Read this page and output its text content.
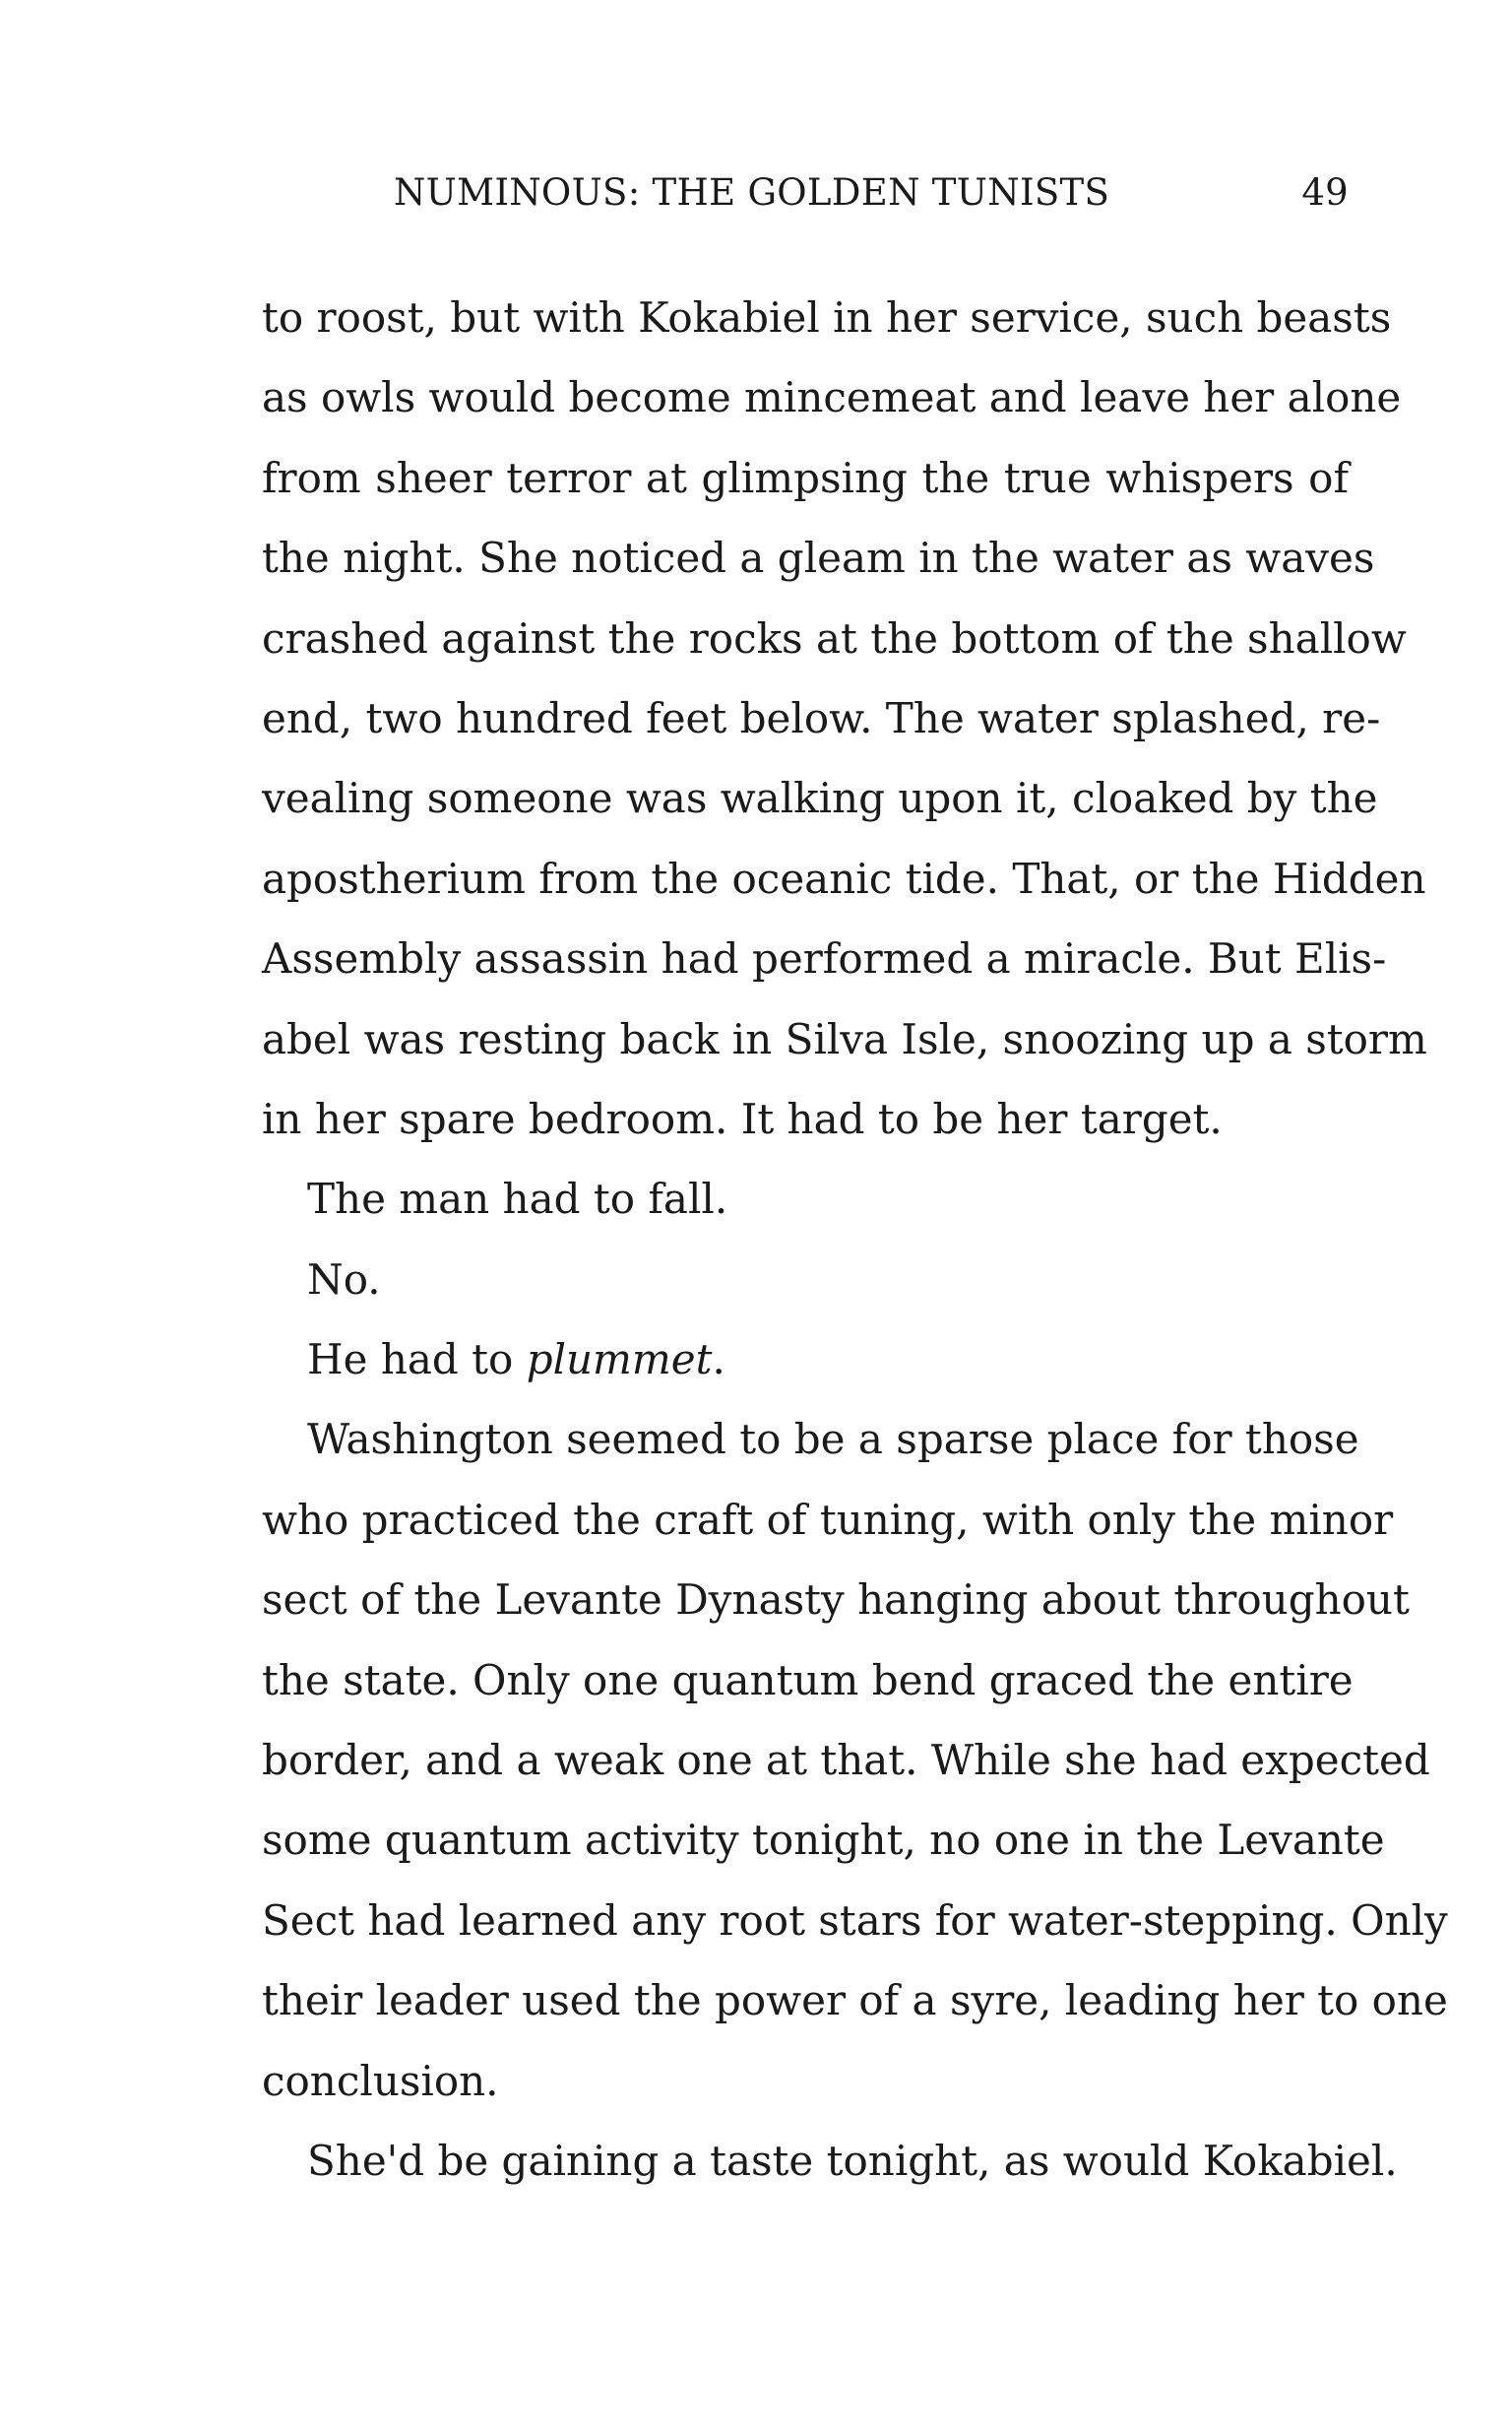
NUMINOUS: THE GOLDEN TUNISTS	49
to roost, but with Kokabiel in her service, such beasts
as owls would become mincemeat and leave her alone
from sheer terror at glimpsing the true whispers of
the night. She noticed a gleam in the water as waves
crashed against the rocks at the bottom of the shallow
end, two hundred feet below. The water splashed, re-
vealing someone was walking upon it, cloaked by the
apostherium from the oceanic tide. That, or the Hidden
Assembly assassin had performed a miracle. But Elis-
abel was resting back in Silva Isle, snoozing up a storm
in her spare bedroom. It had to be her target.
The man had to fall.
No.
He had to plummet.
Washington seemed to be a sparse place for those
who practiced the craft of tuning, with only the minor
sect of the Levante Dynasty hanging about throughout
the state. Only one quantum bend graced the entire
border, and a weak one at that. While she had expected
some quantum activity tonight, no one in the Levante
Sect had learned any root stars for water-stepping. Only
their leader used the power of a syre, leading her to one
conclusion.
She'd be gaining a taste tonight, as would Kokabiel.
